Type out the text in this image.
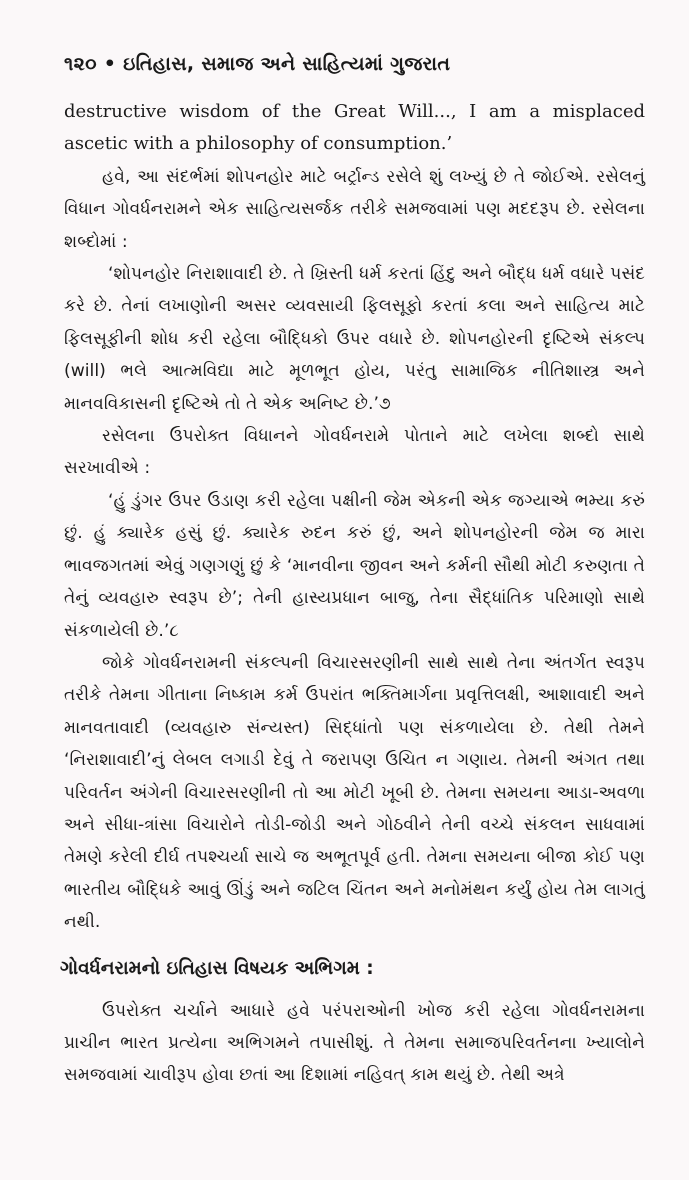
૧૨૦ • ઇતિહાસ, સમાજ અને સાહિત્યમાં ગુજરાત

destructive wisdom of the Great Will..., I am a misplaced ascetic with a philosophy of consumption.’

હવે, આ સંદર્ભમાં શોપનહોર માટે બર્ટ્રાન્ડ રસેલે શું લખ્યું છે તે જોઈએ. રસેલનું વિધાન ગોવર્ધનરામને એક સાહિત્યસર્જક તરીકે સમજવામાં પણ મદદરૂપ છે. રસેલના શબ્દોમાં :

‘શોપનહોર નિરાશાવાદી છે. તે ખ્રિસ્તી ધર્મ કરતાં હિંદુ અને બૌદ્ધ ધર્મ વધારે પસંદ કરે છે. તેનાં લખાણોની અસર વ્યવસાયી ફિલસૂફો કરતાં કલા અને સાહિત્ય માટે ફિલસૂફીની શોધ કરી રહેલા બૌદ્ધિકો ઉપર વધારે છે. શોપનહોરની દૃષ્ટિએ સંકલ્પ (will) ભલે આત્મવિદ્યા માટે મૂળભૂત હોય, પરંતુ સામાજિક નીતિશાસ્ત્ર અને માનવવિકાસની દૃષ્ટિએ તો તે એક અનિષ્ટ છે.’૭

રસેલના ઉપરોક્ત વિધાનને ગોવર્ધનરામે પોતાને માટે લખેલા શબ્દો સાથે સરખાવીએ :

‘હું ડુંગર ઉપર ઉડાણ કરી રહેલા પક્ષીની જેમ એકની એક જગ્યાએ ભમ્યા કરું છું. હું ક્યારેક હસું છું. ક્યારેક રુદન કરું છું, અને શોપનહોરની જેમ જ મારા ભાવજગતમાં એવું ગણગણું છું કે ‘માનવીના જીવન અને કર્મની સૌથી મોટી કરુણતા તે તેનું વ્યવહારુ સ્વરૂપ છે’; તેની હાસ્યપ્રધાન બાજુ, તેના સૈદ્ધાંતિક પરિમાણો સાથે સંકળાયેલી છે.’૮

જોકે ગોવર્ધનરામની સંકલ્પની વિચારસરણીની સાથે સાથે તેના અંતર્ગત સ્વરૂપ તરીકે તેમના ગીતાના નિષ્કામ કર્મ ઉપરાંત ભક્તિમાર્ગના પ્રવૃત્તિલક્ષી, આશાવાદી અને માનવતાવાદી (વ્યવહારુ સંન્યસ્ત) સિદ્ધાંતો પણ સંકળાયેલા છે. તેથી તેમને ‘નિરાશાવાદી’નું લેબલ લગાડી દેવું તે જરાપણ ઉચિત ન ગણાય. તેમની અંગત તથા પરિવર્તન અંગેની વિચારસરણીની તો આ મોટી ખૂબી છે. તેમના સમયના આડા-અવળા અને સીધા-ત્રાંસા વિચારોને તોડી-જોડી અને ગોઠવીને તેની વચ્ચે સંકલન સાધવામાં તેમણે કરેલી દીર્ઘ તપશ્ચર્યા સાચે જ અભૂતપૂર્વ હતી. તેમના સમયના બીજા કોઈ પણ ભારતીય બૌદ્ધિકે આવું ઊંડું અને જટિલ ચિંતન અને મનોમંથન કર્યું હોય તેમ લાગતું નથી.

ગોવર્ધનરામનો ઇતિહાસ વિષયક અભિગમ :

ઉપરોક્ત ચર્ચાને આધારે હવે પરંપરાઓની ખોજ કરી રહેલા ગોવર્ધનરામના પ્રાચીન ભારત પ્રત્યેના અભિગમને તપાસીશું. તે તેમના સમાજપરિવર્તનના ખ્યાલોને સમજવામાં ચાવીરૂપ હોવા છતાં આ દિશામાં નહિવત્ કામ થયું છે. તેથી અત્રે
